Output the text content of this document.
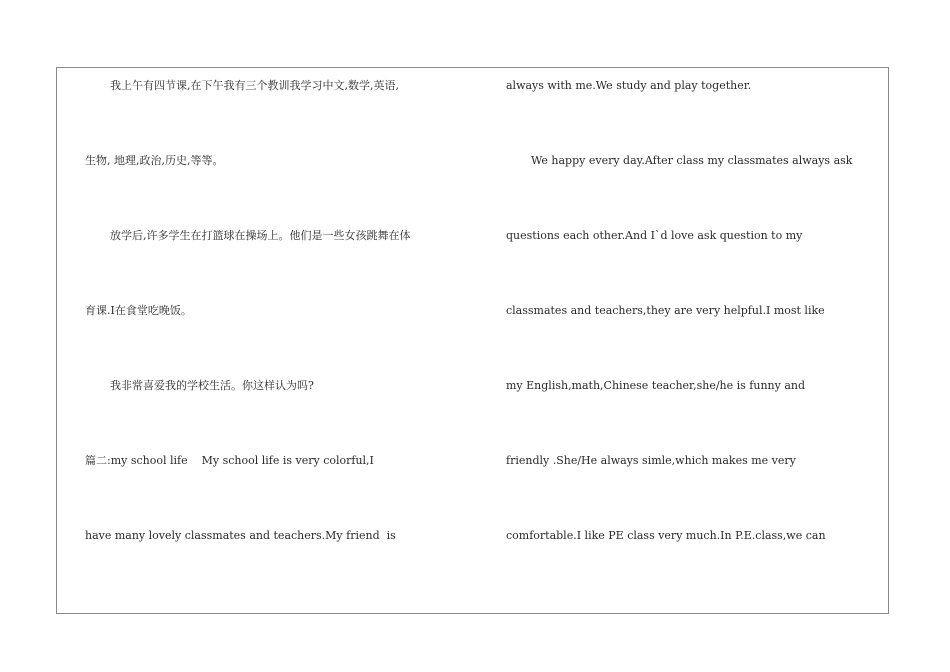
我上午有四节课,在下午我有三个教训我学习中文,数学,英语,
生物, 地理,政治,历史,等等。
放学后,许多学生在打篮球在操场上。他们是一些女孩跳舞在体
育课.I在食堂吃晚饭。
我非常喜爱我的学校生活。你这样认为吗?
篇二:my school life    My school life is very colorful,I
have many lovely classmates and teachers.My friend  is
always with me.We study and play together.
We happy every day.After class my classmates always ask
questions each other.And I`d love ask question to my
classmates and teachers,they are very helpful.I most like
my English,math,Chinese teacher,she/he is funny and
friendly .She/He always simle,which makes me very
comfortable.I like PE class very much.In P.E.class,we can
